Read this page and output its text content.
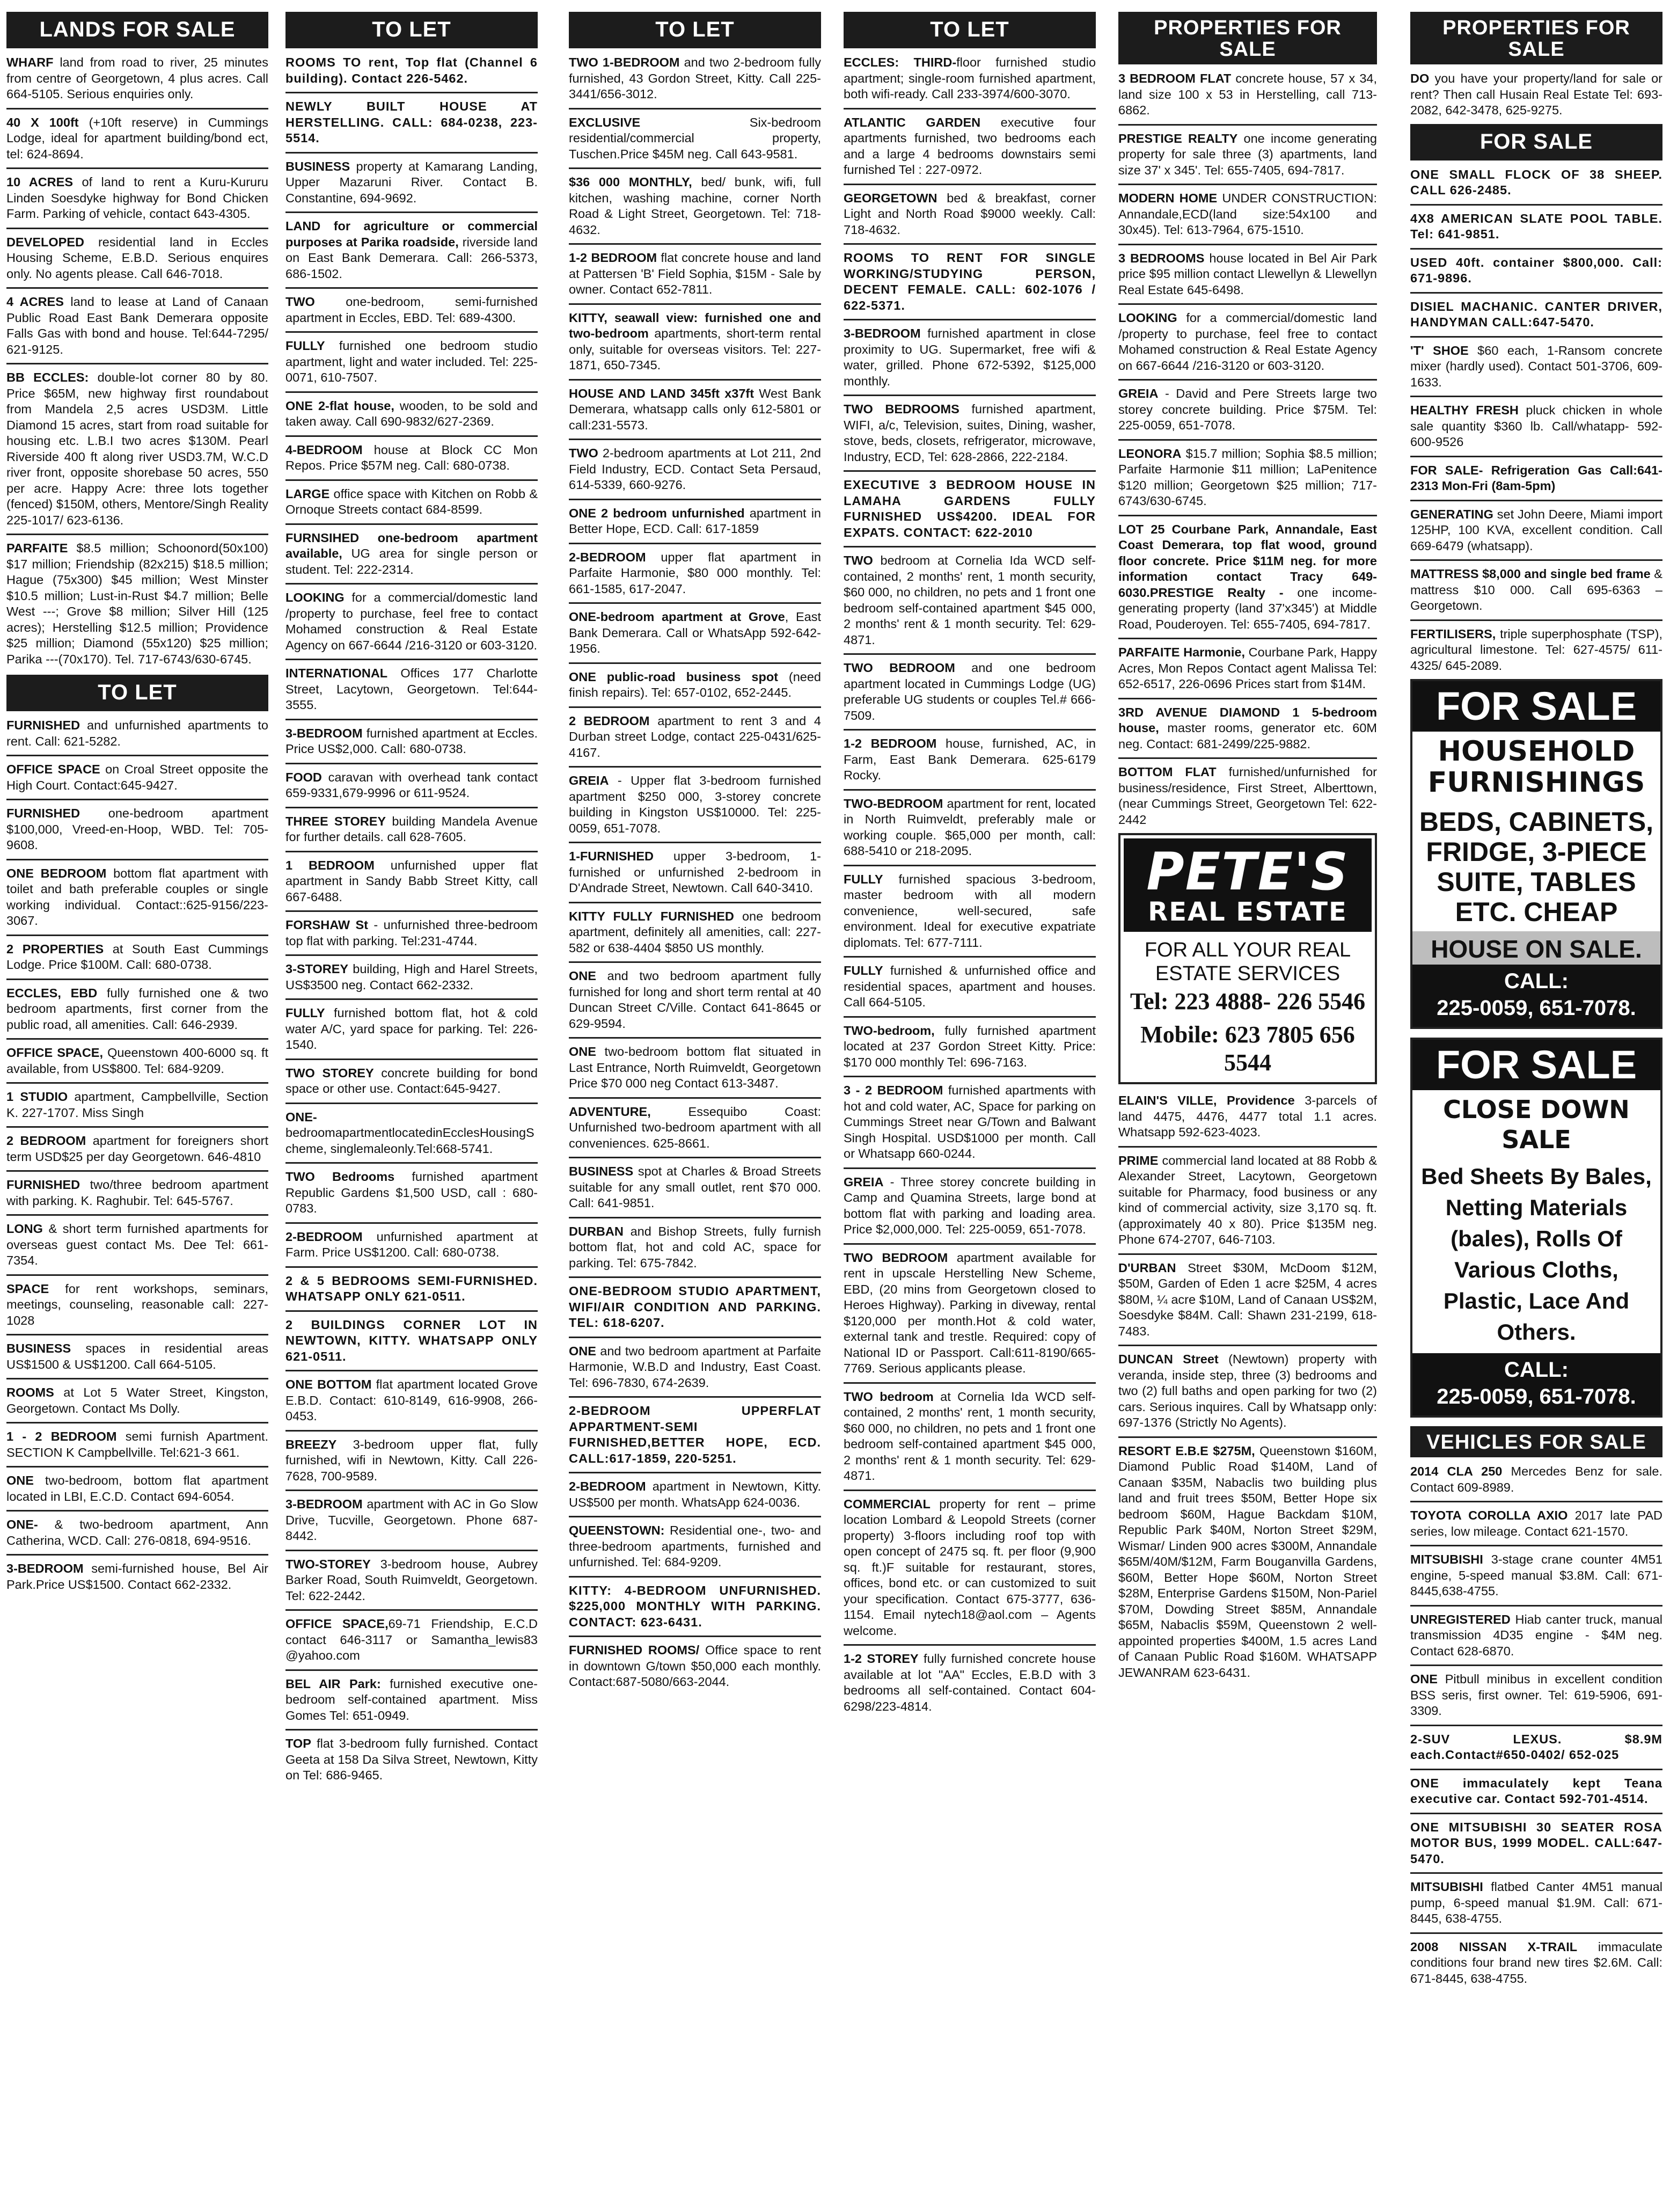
LANDS FOR SALE
WHARF land from road to river, 25 minutes from centre of Georgetown, 4 plus acres. Call 664-5105. Serious enquiries only.
40 X 100ft (+10ft reserve) in Cummings Lodge, ideal for apartment building/bond ect, tel: 624-8694.
10 ACRES of land to rent a Kuru-Kururu Linden Soesdyke highway for Bond Chicken Farm. Parking of vehicle, contact 643-4305.
DEVELOPED residential land in Eccles Housing Scheme, E.B.D. Serious enquires only. No agents please. Call 646-7018.
4 ACRES land to lease at Land of Canaan Public Road East Bank Demerara opposite Falls Gas with bond and house. Tel:644-7295/ 621-9125.
BB ECCLES: double-lot corner 80 by 80. Price $65M, new highway first roundabout from Mandela 2,5 acres USD3M. Little Diamond 15 acres, start from road suitable for housing etc. L.B.I two acres $130M. Pearl Riverside 400 ft along river USD3.7M, W.C.D river front, opposite shorebase 50 acres, 550 per acre. Happy Acre: three lots together (fenced) $150M, others, Mentore/Singh Reality 225-1017/ 623-6136.
PARFAITE $8.5 million; Schoonord(50x100) $17 million; Friendship (82x215) $18.5 million; Hague (75x300) $45 million; West Minster $10.5 million; Lust-in-Rust $4.7 million; Belle West ---; Grove $8 million; Silver Hill (125 acres); Herstelling $12.5 million; Providence $25 million; Diamond (55x120) $25 million; Parika ---(70x170). Tel. 717-6743/630-6745.
TO LET
FURNISHED and unfurnished apartments to rent. Call: 621-5282.
OFFICE SPACE on Croal Street opposite the High Court. Contact:645-9427.
FURNISHED one-bedroom apartment $100,000, Vreed-en-Hoop, WBD. Tel: 705-9608.
ONE BEDROOM bottom flat apartment with toilet and bath preferable couples or single working individual. Contact::625-9156/223-3067.
2 PROPERTIES at South East Cummings Lodge. Price $100M. Call: 680-0738.
ECCLES, EBD fully furnished one & two bedroom apartments, first corner from the public road, all amenities. Call: 646-2939.
OFFICE SPACE, Queenstown 400-6000 sq. ft available, from US$800. Tel: 684-9209.
1 STUDIO apartment, Campbellville, Section K. 227-1707. Miss Singh
2 BEDROOM apartment for foreigners short term USD$25 per day Georgetown. 646-4810
FURNISHED two/three bedroom apartment with parking. K. Raghubir. Tel: 645-5767.
LONG & short term furnished apartments for overseas guest contact Ms. Dee Tel: 661-7354.
SPACE for rent workshops, seminars, meetings, counseling, reasonable call: 227-1028
BUSINESS spaces in residential areas US$1500 & US$1200. Call 664-5105.
ROOMS at Lot 5 Water Street, Kingston, Georgetown. Contact Ms Dolly.
1 - 2 BEDROOM semi furnish Apartment. SECTION K Campbellville. Tel:621-3 661.
ONE two-bedroom, bottom flat apartment located in LBI, E.C.D. Contact 694-6054.
ONE- & two-bedroom apartment, Ann Catherina, WCD. Call: 276-0818, 694-9516.
3-BEDROOM semi-furnished house, Bel Air Park.Price US$1500. Contact 662-2332.
TO LET
ROOMS TO rent, Top flat (Channel 6 building). Contact 226-5462.
NEWLY BUILT HOUSE AT HERSTELLING. CALL: 684-0238, 223-5514.
BUSINESS property at Kamarang Landing, Upper Mazaruni River. Contact B. Constantine, 694-9692.
LAND for agriculture or commercial purposes at Parika roadside, riverside land on East Bank Demerara. Call: 266-5373, 686-1502.
TWO one-bedroom, semi-furnished apartment in Eccles, EBD. Tel: 689-4300.
FULLY furnished one bedroom studio apartment, light and water included. Tel: 225-0071, 610-7507.
ONE 2-flat house, wooden, to be sold and taken away. Call 690-9832/627-2369.
4-BEDROOM house at Block CC Mon Repos. Price $57M neg. Call: 680-0738.
LARGE office space with Kitchen on Robb & Ornoque Streets contact 684-8599.
FURNSIHED one-bedroom apartment available, UG area for single person or student. Tel: 222-2314.
LOOKING for a commercial/domestic land /property to purchase, feel free to contact Mohamed construction & Real Estate Agency on 667-6644 /216-3120 or 603-3120.
INTERNATIONAL Offices 177 Charlotte Street, Lacytown, Georgetown. Tel:644-3555.
3-BEDROOM furnished apartment at Eccles. Price US$2,000. Call: 680-0738.
FOOD caravan with overhead tank contact 659-9331,679-9996 or 611-9524.
THREE STOREY building Mandela Avenue for further details. call 628-7605.
1 BEDROOM unfurnished upper flat apartment in Sandy Babb Street Kitty, call 667-6488.
FORSHAW St - unfurnished three-bedroom top flat with parking. Tel:231-4744.
3-STOREY building, High and Harel Streets, US$3500 neg. Contact 662-2332.
FULLY furnished bottom flat, hot & cold water A/C, yard space for parking. Tel: 226-1540.
TWO STOREY concrete building for bond space or other use. Contact:645-9427.
ONE-bedroomapartmentlocatedinEcclesHousingScheme, singlemaleonly.Tel:668-5741.
TWO Bedrooms furnished apartment Republic Gardens $1,500 USD, call : 680-0783.
2-BEDROOM unfurnished apartment at Farm. Price US$1200. Call: 680-0738.
2 & 5 BEDROOMS SEMI-FURNISHED. WHATSAPP ONLY 621-0511.
2 BUILDINGS CORNER LOT IN NEWTOWN, KITTY. WHATSAPP ONLY 621-0511.
ONE BOTTOM flat apartment located Grove E.B.D. Contact: 610-8149, 616-9908, 266-0453.
BREEZY 3-bedroom upper flat, fully furnished, wifi in Newtown, Kitty. Call 226-7628, 700-9589.
3-BEDROOM apartment with AC in Go Slow Drive, Tucville, Georgetown. Phone 687-8442.
TWO-STOREY 3-bedroom house, Aubrey Barker Road, South Ruimveldt, Georgetown. Tel: 622-2442.
OFFICE SPACE,69-71 Friendship, E.C.D contact 646-3117 or Samantha_lewis83 @yahoo.com
BEL AIR Park: furnished executive one-bedroom self-contained apartment. Miss Gomes Tel: 651-0949.
TOP flat 3-bedroom fully furnished. Contact Geeta at 158 Da Silva Street, Newtown, Kitty on Tel: 686-9465.
TO LET
TWO 1-BEDROOM and two 2-bedroom fully furnished, 43 Gordon Street, Kitty. Call 225- 3441/656-3012.
EXCLUSIVE Six-bedroom residential/commercial property, Tuschen.Price $45M neg. Call 643-9581.
$36 000 MONTHLY, bed/ bunk, wifi, full kitchen, washing machine, corner North Road & Light Street, Georgetown. Tel: 718-4632.
1-2 BEDROOM flat concrete house and land at Pattersen 'B' Field Sophia, $15M - Sale by owner. Contact 652-7811.
KITTY, seawall view: furnished one and two-bedroom apartments, short-term rental only, suitable for overseas visitors. Tel: 227-1871, 650-7345.
HOUSE AND LAND 345ft x37ft West Bank Demerara, whatsapp calls only 612-5801 or call:231-5573.
TWO 2-bedroom apartments at Lot 211, 2nd Field Industry, ECD. Contact Seta Persaud, 614-5339, 660-9276.
ONE 2 bedroom unfurnished apartment in Better Hope, ECD. Call: 617-1859
2-BEDROOM upper flat apartment in Parfaite Harmonie, $80 000 monthly. Tel: 661-1585, 617-2047.
ONE-bedroom apartment at Grove, East Bank Demerara. Call or WhatsApp 592-642-1956.
ONE public-road business spot (need finish repairs). Tel: 657-0102, 652-2445.
2 BEDROOM apartment to rent 3 and 4 Durban street Lodge, contact 225-0431/625-4167.
GREIA - Upper flat 3-bedroom furnished apartment $250 000, 3-storey concrete building in Kingston US$10000. Tel: 225-0059, 651-7078.
1-FURNISHED upper 3-bedroom, 1-furnished or unfurnished 2-bedroom in D'Andrade Street, Newtown. Call 640-3410.
KITTY FULLY FURNISHED one bedroom apartment, definitely all amenities, call: 227-582 or 638-4404 $850 US monthly.
ONE and two bedroom apartment fully furnished for long and short term rental at 40 Duncan Street C/Ville. Contact 641-8645 or 629-9594.
ONE two-bedroom bottom flat situated in Last Entrance, North Ruimveldt, Georgetown Price $70 000 neg Contact 613-3487.
ADVENTURE, Essequibo Coast: Unfurnished two-bedroom apartment with all conveniences. 625-8661.
BUSINESS spot at Charles & Broad Streets suitable for any small outlet, rent $70 000. Call: 641-9851.
DURBAN and Bishop Streets, fully furnish bottom flat, hot and cold AC, space for parking. Tel: 675-7842.
ONE-BEDROOM STUDIO APARTMENT, WIFI/AIR CONDITION AND PARKING. TEL: 618-6207.
ONE and two bedroom apartment at Parfaite Harmonie, W.B.D and Industry, East Coast. Tel: 696-7830, 674-2639.
2-BEDROOM UPPERFLAT APPARTMENT-SEMI FURNISHED,BETTER HOPE, ECD. CALL:617-1859, 220-5251.
2-BEDROOM apartment in Newtown, Kitty. US$500 per month. WhatsApp 624-0036.
QUEENSTOWN: Residential one-, two- and three-bedroom apartments, furnished and unfurnished. Tel: 684-9209.
KITTY: 4-BEDROOM UNFURNISHED. $225,000 MONTHLY WITH PARKING. CONTACT: 623-6431.
FURNISHED ROOMS/ Office space to rent in downtown G/town $50,000 each monthly. Contact:687-5080/663-2044.
TO LET
ECCLES: THIRD-floor furnished studio apartment; single-room furnished apartment, both wifi-ready. Call 233-3974/600-3070.
ATLANTIC GARDEN executive four apartments furnished, two bedrooms each and a large 4 bedrooms downstairs semi furnished Tel : 227-0972.
GEORGETOWN bed & breakfast, corner Light and North Road $9000 weekly. Call: 718-4632.
ROOMS TO RENT FOR SINGLE WORKING/STUDYING PERSON, DECENT FEMALE. CALL: 602-1076 / 622-5371.
3-BEDROOM furnished apartment in close proximity to UG. Supermarket, free wifi & water, grilled. Phone 672-5392, $125,000 monthly.
TWO BEDROOMS furnished apartment, WIFI, a/c, Television, suites, Dining, washer, stove, beds, closets, refrigerator, microwave, Industry, ECD, Tel: 628-2866, 222-2184.
EXECUTIVE 3 BEDROOM HOUSE IN LAMAHA GARDENS FULLY FURNISHED US$4200. IDEAL FOR EXPATS. CONTACT: 622-2010
TWO bedroom at Cornelia Ida WCD self-contained, 2 months' rent, 1 month security, $60 000, no children, no pets and 1 front one bedroom self-contained apartment $45 000, 2 months' rent & 1 month security. Tel: 629-4871.
TWO BEDROOM and one bedroom apartment located in Cummings Lodge (UG) preferable UG students or couples Tel.# 666-7509.
1-2 BEDROOM house, furnished, AC, in Farm, East Bank Demerara. 625-6179 Rocky.
TWO-BEDROOM apartment for rent, located in North Ruimveldt, preferably male or working couple. $65,000 per month, call: 688-5410 or 218-2095.
FULLY furnished spacious 3-bedroom, master bedroom with all modern convenience, well-secured, safe environment. Ideal for executive expatriate diplomats. Tel: 677-7111.
FULLY furnished & unfurnished office and residential spaces, apartment and houses. Call 664-5105.
TWO-bedroom, fully furnished apartment located at 237 Gordon Street Kitty. Price: $170 000 monthly Tel: 696-7163.
3 - 2 BEDROOM furnished apartments with hot and cold water, AC, Space for parking on Cummings Street near G/Town and Balwant Singh Hospital. USD$1000 per month. Call or Whatsapp 660-0244.
GREIA - Three storey concrete building in Camp and Quamina Streets, large bond at bottom flat with parking and loading area. Price $2,000,000. Tel: 225-0059, 651-7078.
TWO BEDROOM apartment available for rent in upscale Herstelling New Scheme, EBD, (20 mins from Georgetown closed to Heroes Highway). Parking in diveway, rental $120,000 per month.Hot & cold water, external tank and trestle. Required: copy of National ID or Passport. Call:611-8190/665-7769. Serious applicants please.
TWO bedroom at Cornelia Ida WCD self-contained, 2 months' rent, 1 month security, $60 000, no children, no pets and 1 front one bedroom self-contained apartment $45 000, 2 months' rent & 1 month security. Tel: 629-4871.
COMMERCIAL property for rent – prime location Lombard & Leopold Streets (corner property) 3-floors including roof top with open concept of 2475 sq. ft. per floor (9,900 sq. ft.)F suitable for restaurant, stores, offices, bond etc. or can customized to suit your specification. Contact 675-3777, 636-1154. Email nytech18@aol.com – Agents welcome.
1-2 STOREY fully furnished concrete house available at lot "AA" Eccles, E.B.D with 3 bedrooms all self-contained. Contact 604-6298/223-4814.
PROPERTIES FOR SALE
3 BEDROOM FLAT concrete house, 57 x 34, land size 100 x 53 in Herstelling, call 713-6862.
PRESTIGE REALTY one income generating property for sale three (3) apartments, land size 37' x 345'. Tel: 655-7405, 694-7817.
MODERN HOME UNDER CONSTRUCTION: Annandale,ECD(land size:54x100 and 30x45). Tel: 613-7964, 675-1510.
3 BEDROOMS house located in Bel Air Park price $95 million contact Llewellyn & Llewellyn Real Estate 645-6498.
LOOKING for a commercial/domestic land /property to purchase, feel free to contact Mohamed construction & Real Estate Agency on 667-6644 /216-3120 or 603-3120.
GREIA - David and Pere Streets large two storey concrete building. Price $75M. Tel: 225-0059, 651-7078.
LEONORA $15.7 million; Sophia $8.5 million; Parfaite Harmonie $11 million; LaPenitence $120 million; Georgetown $25 million; 717-6743/630-6745.
LOT 25 Courbane Park, Annandale, East Coast Demerara, top flat wood, ground floor concrete. Price $11M neg. for more information contact Tracy 649-6030.PRESTIGE Realty - one income-generating property (land 37'x345') at Middle Road, Pouderoyen. Tel: 655-7405, 694-7817.
PARFAITE Harmonie, Courbane Park, Happy Acres, Mon Repos Contact agent Malissa Tel: 652-6517, 226-0696 Prices start from $14M.
3RD AVENUE DIAMOND 1 5-bedroom house, master rooms, generator etc. 60M neg. Contact: 681-2499/225-9882.
BOTTOM FLAT furnished/unfurnished for business/residence, First Street, Alberttown, (near Cummings Street, Georgetown Tel: 622-2442
PETE'S
REAL ESTATE
FOR ALL YOUR REAL ESTATE SERVICES
Tel: 223 4888- 226 5546
Mobile: 623 7805 656 5544
ELAIN'S VILLE, Providence 3-parcels of land 4475, 4476, 4477 total 1.1 acres. Whatsapp 592-623-4023.
PRIME commercial land located at 88 Robb & Alexander Street, Lacytown, Georgetown suitable for Pharmacy, food business or any kind of commercial activity, size 3,170 sq. ft. (approximately 40 x 80). Price $135M neg. Phone 674-2707, 646-7103.
D'URBAN Street $30M, McDoom $12M, $50M, Garden of Eden 1 acre $25M, 4 acres $80M, ¼ acre $10M, Land of Canaan US$2M, Soesdyke $84M. Call: Shawn 231-2199, 618-7483.
DUNCAN Street (Newtown) property with veranda, inside step, three (3) bedrooms and two (2) full baths and open parking for two (2) cars. Serious inquires. Call by Whatsapp only: 697-1376 (Strictly No Agents).
RESORT E.B.E $275M, Queenstown $160M, Diamond Public Road $140M, Land of Canaan $35M, Nabaclis two building plus land and fruit trees $50M, Better Hope six bedroom $60M, Hague Backdam $10M, Republic Park $40M, Norton Street $29M, Wismar/ Linden 900 acres $300M, Annandale $65M/40M/$12M, Farm Bouganvilla Gardens, $60M, Better Hope $60M, Norton Street $28M, Enterprise Gardens $150M, Non-Pariel $70M, Dowding Street $85M, Annandale $65M, Nabaclis $59M, Queenstown 2 well-appointed properties $400M, 1.5 acres Land of Canaan Public Road $160M. WHATSAPP JEWANRAM 623-6431.
PROPERTIES FOR SALE
DO you have your property/land for sale or rent? Then call Husain Real Estate Tel: 693-2082, 642-3478, 625-9275.
FOR SALE
ONE SMALL FLOCK OF 38 SHEEP. CALL 626-2485.
4X8 AMERICAN SLATE POOL TABLE. Tel: 641-9851.
USED 40ft. container $800,000. Call: 671-9896.
DISIEL MACHANIC. CANTER DRIVER, HANDYMAN CALL:647-5470.
'T' SHOE $60 each, 1-Ransom concrete mixer (hardly used). Contact 501-3706, 609-1633.
HEALTHY FRESH pluck chicken in whole sale quantity $360 lb. Call/whatapp- 592-600-9526
FOR SALE- Refrigeration Gas Call:641-2313 Mon-Fri (8am-5pm)
GENERATING set John Deere, Miami import 125HP, 100 KVA, excellent condition. Call 669-6479 (whatsapp).
MATTRESS $8,000 and single bed frame & mattress $10 000. Call 695-6363 – Georgetown.
FERTILISERS, triple superphosphate (TSP), agricultural limestone. Tel: 627-4575/ 611-4325/ 645-2089.
FOR SALE
HOUSEHOLD FURNISHINGS
BEDS, CABINETS, FRIDGE, 3-PIECE SUITE, TABLES ETC. CHEAP
HOUSE ON SALE.
CALL:
225-0059, 651-7078.
FOR SALE
CLOSE DOWN SALE
Bed Sheets By Bales, Netting Materials (bales), Rolls Of Various Cloths, Plastic, Lace And Others.
CALL:
225-0059, 651-7078.
VEHICLES FOR SALE
2014 CLA 250 Mercedes Benz for sale. Contact 609-8989.
TOYOTA COROLLA AXIO 2017 late PAD series, low mileage. Contact 621-1570.
MITSUBISHI 3-stage crane counter 4M51 engine, 5-speed manual $3.8M. Call: 671-8445,638-4755.
UNREGISTERED Hiab canter truck, manual transmission 4D35 engine - $4M neg. Contact 628-6870.
ONE Pitbull minibus in excellent condition BSS seris, first owner. Tel: 619-5906, 691-3309.
2-SUV LEXUS. $8.9M each.Contact#650-0402/ 652-025
ONE immaculately kept Teana executive car. Contact 592-701-4514.
ONE MITSUBISHI 30 SEATER ROSA MOTOR BUS, 1999 MODEL. CALL:647-5470.
MITSUBISHI flatbed Canter 4M51 manual pump, 6-speed manual $1.9M. Call: 671-8445, 638-4755.
2008 NISSAN X-TRAIL immaculate conditions four brand new tires $2.6M. Call: 671-8445, 638-4755.
